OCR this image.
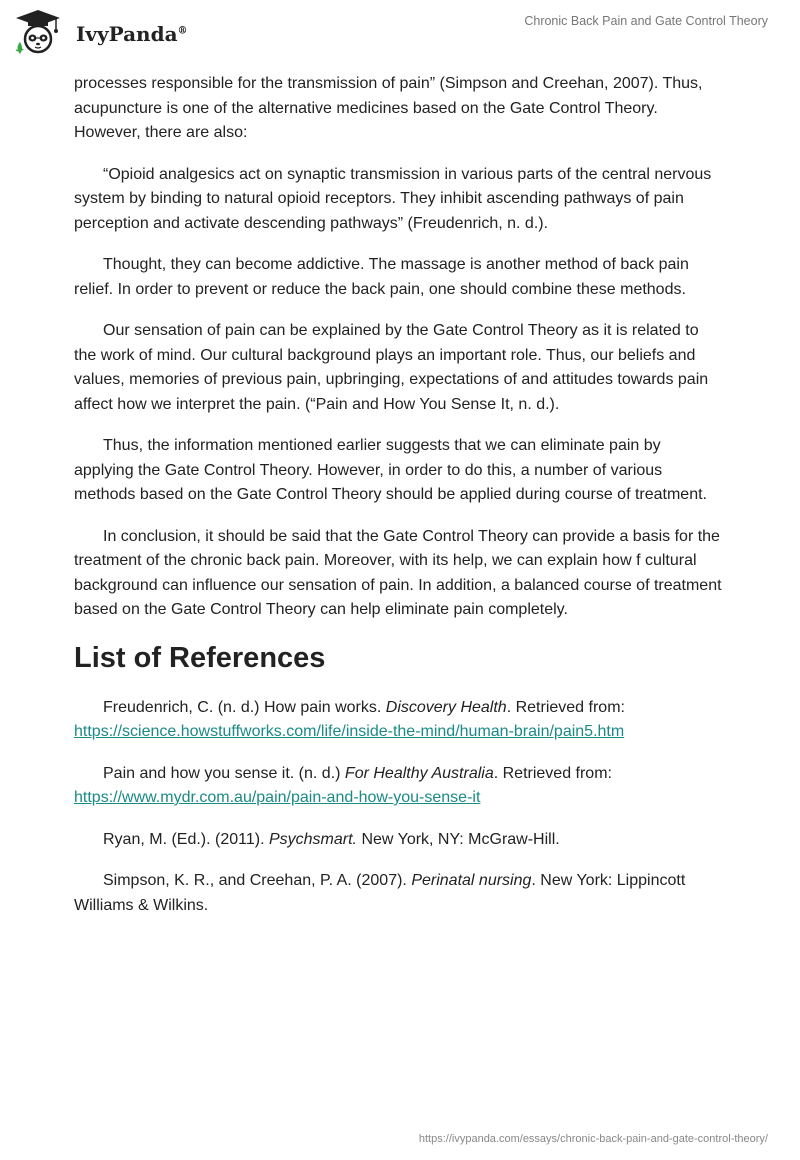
IvyPanda®
Chronic Back Pain and Gate Control Theory

processes responsible for the transmission of pain” (Simpson and Creehan, 2007). Thus, acupuncture is one of the alternative medicines based on the Gate Control Theory. However, there are also:

“Opioid analgesics act on synaptic transmission in various parts of the central nervous system by binding to natural opioid receptors. They inhibit ascending pathways of pain perception and activate descending pathways” (Freudenrich, n. d.).

Thought, they can become addictive. The massage is another method of back pain relief. In order to prevent or reduce the back pain, one should combine these methods.

Our sensation of pain can be explained by the Gate Control Theory as it is related to the work of mind. Our cultural background plays an important role. Thus, our beliefs and values, memories of previous pain, upbringing, expectations of and attitudes towards pain affect how we interpret the pain. (“Pain and How You Sense It, n. d.).

Thus, the information mentioned earlier suggests that we can eliminate pain by applying the Gate Control Theory. However, in order to do this, a number of various methods based on the Gate Control Theory should be applied during course of treatment.

In conclusion, it should be said that the Gate Control Theory can provide a basis for the treatment of the chronic back pain. Moreover, with its help, we can explain how f cultural background can influence our sensation of pain. In addition, a balanced course of treatment based on the Gate Control Theory can help eliminate pain completely.

List of References
Freudenrich, C. (n. d.) How pain works. Discovery Health. Retrieved from: https://science.howstuffworks.com/life/inside-the-mind/human-brain/pain5.htm
Pain and how you sense it. (n. d.) For Healthy Australia. Retrieved from: https://www.mydr.com.au/pain/pain-and-how-you-sense-it
Ryan, M. (Ed.). (2011). Psychsmart. New York, NY: McGraw-Hill.
Simpson, K. R., and Creehan, P. A. (2007). Perinatal nursing. New York: Lippincott Williams & Wilkins.
https://ivypanda.com/essays/chronic-back-pain-and-gate-control-theory/
